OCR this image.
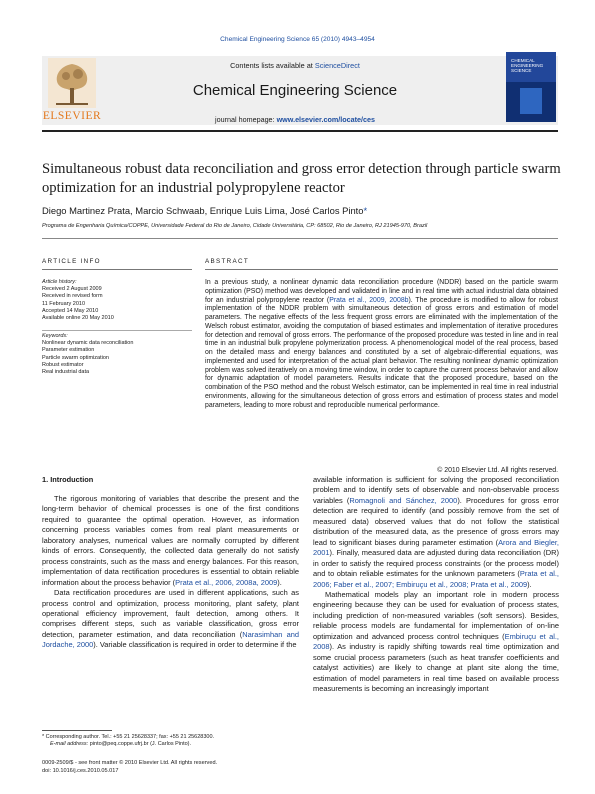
Chemical Engineering Science 65 (2010) 4943–4954
ELSEVIER
Contents lists available at ScienceDirect
Chemical Engineering Science
journal homepage: www.elsevier.com/locate/ces
CHEMICAL ENGINEERING SCIENCE
Simultaneous robust data reconciliation and gross error detection through particle swarm optimization for an industrial polypropylene reactor
Diego Martinez Prata, Marcio Schwaab, Enrique Luis Lima, José Carlos Pinto*
Programa de Engenharia Química/COPPE, Universidade Federal do Rio de Janeiro, Cidade Universitária, CP: 68502, Rio de Janeiro, RJ 21945-970, Brazil
ARTICLE INFO
Article history:
Received 2 August 2009
Received in revised form
11 February 2010
Accepted 14 May 2010
Available online 20 May 2010
Keywords:
Nonlinear dynamic data reconciliation
Parameter estimation
Particle swarm optimization
Robust estimator
Real industrial data
ABSTRACT
In a previous study, a nonlinear dynamic data reconciliation procedure (NDDR) based on the particle swarm optimization (PSO) method was developed and validated in line and in real time with actual industrial data obtained for an industrial polypropylene reactor (Prata et al., 2009, 2008b). The procedure is modified to allow for robust implementation of the NDDR problem with simultaneous detection of gross errors and estimation of model parameters. The negative effects of the less frequent gross errors are eliminated with the implementation of the Welsch robust estimator, avoiding the computation of biased estimates and implementation of iterative procedures for detection and removal of gross errors. The performance of the proposed procedure was tested in line and in real time in an industrial bulk propylene polymerization process. A phenomenological model of the real process, based on the detailed mass and energy balances and constituted by a set of algebraic-differential equations, was implemented and used for interpretation of the actual plant behavior. The resulting nonlinear dynamic optimization problem was solved iteratively on a moving time window, in order to capture the current process behavior and allow for dynamic adaptation of model parameters. Results indicate that the proposed procedure, based on the combination of the PSO method and the robust Welsch estimator, can be implemented in real time in real industrial environments, allowing for the simultaneous detection of gross errors and estimation of process states and model parameters, leading to more robust and reproducible numerical performance.
© 2010 Elsevier Ltd. All rights reserved.
1. Introduction

The rigorous monitoring of variables that describe the present and the long-term behavior of chemical processes is one of the first conditions required to guarantee the optimal operation. However, as information concerning process variables comes from real plant measurements or laboratory analyses, numerical values are normally corrupted by different kinds of errors. Consequently, the collected data generally do not satisfy process constraints, such as the mass and energy balances. For this reason, implementation of data rectification procedures is essential to obtain reliable information about the process behavior (Prata et al., 2006, 2008a, 2009).

Data rectification procedures are used in different applications, such as process control and optimization, process monitoring, plant safety, plant operational efficiency improvement, fault detection, among others. It comprises different steps, such as variable classification, gross error detection, parameter estimation, and data reconciliation (Narasimhan and Jordache, 2000). Variable classification is required in order to determine if the

available information is sufficient for solving the proposed reconciliation problem and to identify sets of observable and non-observable process variables (Romagnoli and Sánchez, 2000). Procedures for gross error detection are required to identify (and possibly remove from the set of measured data) observed values that do not follow the statistical distribution of the measured data, as the presence of gross errors may lead to significant biases during parameter estimation (Arora and Biegler, 2001). Finally, measured data are adjusted during data reconciliation (DR) in order to satisfy the required process constraints (or the process model) and to obtain reliable estimates for the unknown parameters (Prata et al., 2006; Faber et al., 2007; Embiruçu et al., 2008; Prata et al., 2009).

Mathematical models play an important role in modern process engineering because they can be used for evaluation of process states, including prediction of non-measured variables (soft sensors). Besides, reliable process models are fundamental for implementation of on-line optimization and advanced process control techniques (Embiruçu et al., 2008). As industry is rapidly shifting towards real time optimization and some crucial process parameters (such as heat transfer coefficients and catalyst activities) are likely to change at plant site along the time, estimation of model parameters in real time based on available process measurements is becoming an increasingly important

* Corresponding author. Tel.: +55 21 25628337; fax: +55 21 25628300.
E-mail address: pinto@peq.coppe.ufrj.br (J. Carlos Pinto).
0009-2509/$ - see front matter © 2010 Elsevier Ltd. All rights reserved.
doi: 10.1016/j.ces.2010.05.017
